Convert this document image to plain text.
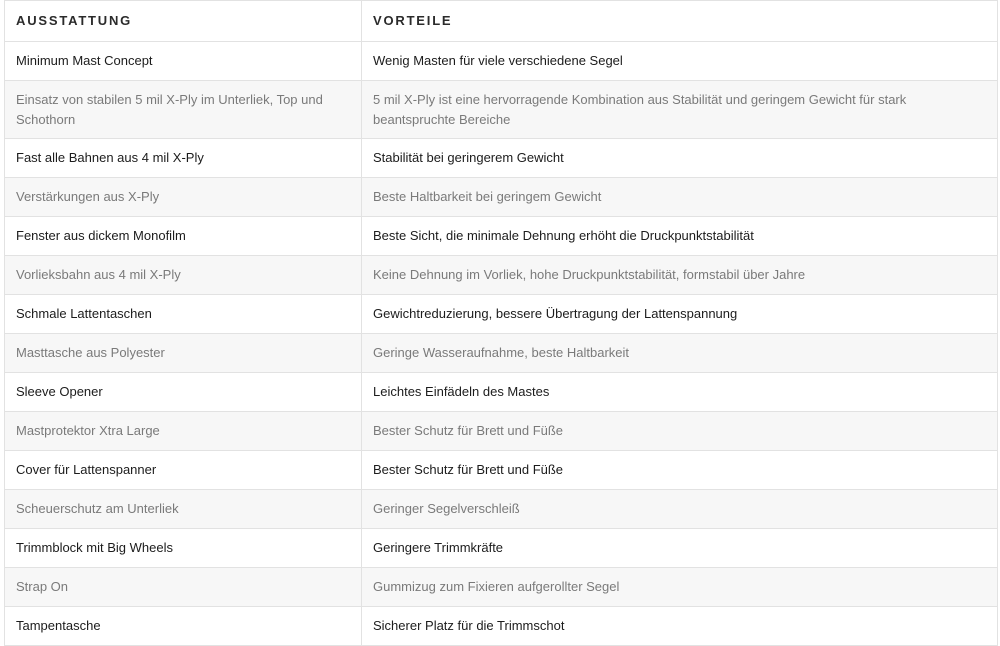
AUSSTATTUNG	VORTEILE
Minimum Mast Concept	Wenig Masten für viele verschiedene Segel
Einsatz von stabilen 5 mil X-Ply im Unterliek, Top und Schothorn	5 mil X-Ply ist eine hervorragende Kombination aus Stabilität und geringem Gewicht für stark beantspruchte Bereiche
Fast alle Bahnen aus 4 mil X-Ply	Stabilität bei geringerem Gewicht
Verstärkungen aus X-Ply	Beste Haltbarkeit bei geringem Gewicht
Fenster aus dickem Monofilm	Beste Sicht, die minimale Dehnung erhöht die Druckpunktstabilität
Vorlieksbahn aus 4 mil X-Ply	Keine Dehnung im Vorliek, hohe Druckpunktstabilität, formstabil über Jahre
Schmale Lattentaschen	Gewichtreduzierung, bessere Übertragung der Lattenspannung
Masttasche aus Polyester	Geringe Wasseraufnahme, beste Haltbarkeit
Sleeve Opener	Leichtes Einfädeln des Mastes
Mastprotektor Xtra Large	Bester Schutz für Brett und Füße
Cover für Lattenspanner	Bester Schutz für Brett und Füße
Scheuerschutz am Unterliek	Geringer Segelverschleiß
Trimmblock mit Big Wheels	Geringere Trimmkräfte
Strap On	Gummizug zum Fixieren aufgerollter Segel
Tampentasche	Sicherer Platz für die Trimmschot
